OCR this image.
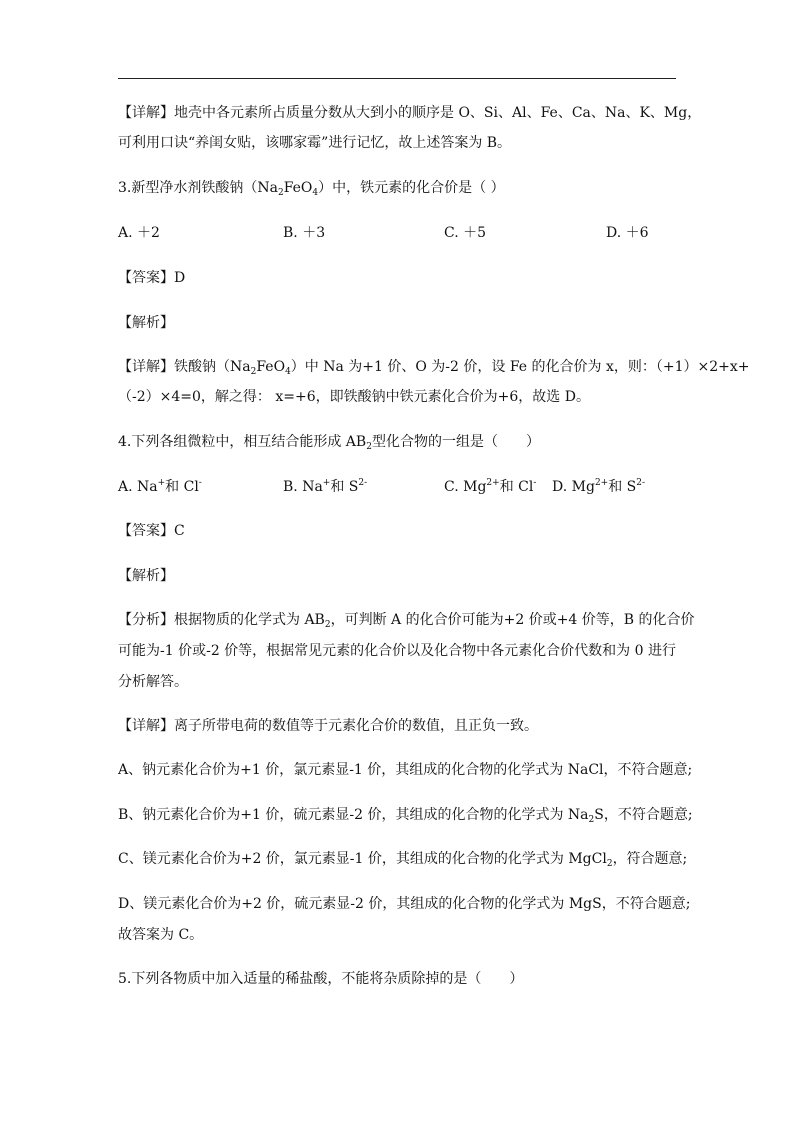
【详解】地壳中各元素所占质量分数从大到小的顺序是 O、Si、Al、Fe、Ca、Na、K、Mg，
可利用口诀“养闺女贴，该哪家霉”进行记忆，故上述答案为 B。
3.新型净水剂铁酸钠$(Na_2FeO_4)$中，铁元素的化合价是（ ）
A. ＋2	B. ＋3	C. ＋5	D. ＋6
【答案】D
【解析】
【详解】铁酸钠$(Na_2FeO_4)$中 Na 为+1 价、O 为-2 价，设 Fe 的化合价为 x，则：（+1）×2+x+
（-2）×4=0，解之得： x=+6，即铁酸钠中铁元素化合价为+6，故选 D。
4.下列各组微粒中，相互结合能形成 $AB_2$型化合物的一组是（　　）
A. Na+和 Cl-	B. Na+和 $S^{2-}$	C. $Mg^{2+}$和 Cl- D. $Mg^{2+}$和 $S^{2-}$
【答案】C
【解析】
【分析】根据物质的化学式为 $AB_2$，可判断 A 的化合价可能为+2 价或+4 价等，B 的化合价
可能为-1 价或-2 价等，根据常见元素的化合价以及化合物中各元素化合价代数和为 0 进行
分析解答。
【详解】离子所带电荷的数值等于元素化合价的数值，且正负一致。
A、钠元素化合价为+1 价，氯元素显-1 价，其组成的化合物的化学式为 NaCl，不符合题意;
B、钠元素化合价为+1 价，硫元素显-2 价，其组成的化合物的化学式为 $Na_2S$，不符合题意;
C、镁元素化合价为+2 价，氯元素显-1 价，其组成的化合物的化学式为 MgCl$_2$，符合题意;
D、镁元素化合价为+2 价，硫元素显-2 价，其组成的化合物的化学式为 MgS，不符合题意;
故答案为 C。
5.下列各物质中加入适量的稀盐酸，不能将杂质除掉的是（　　）
